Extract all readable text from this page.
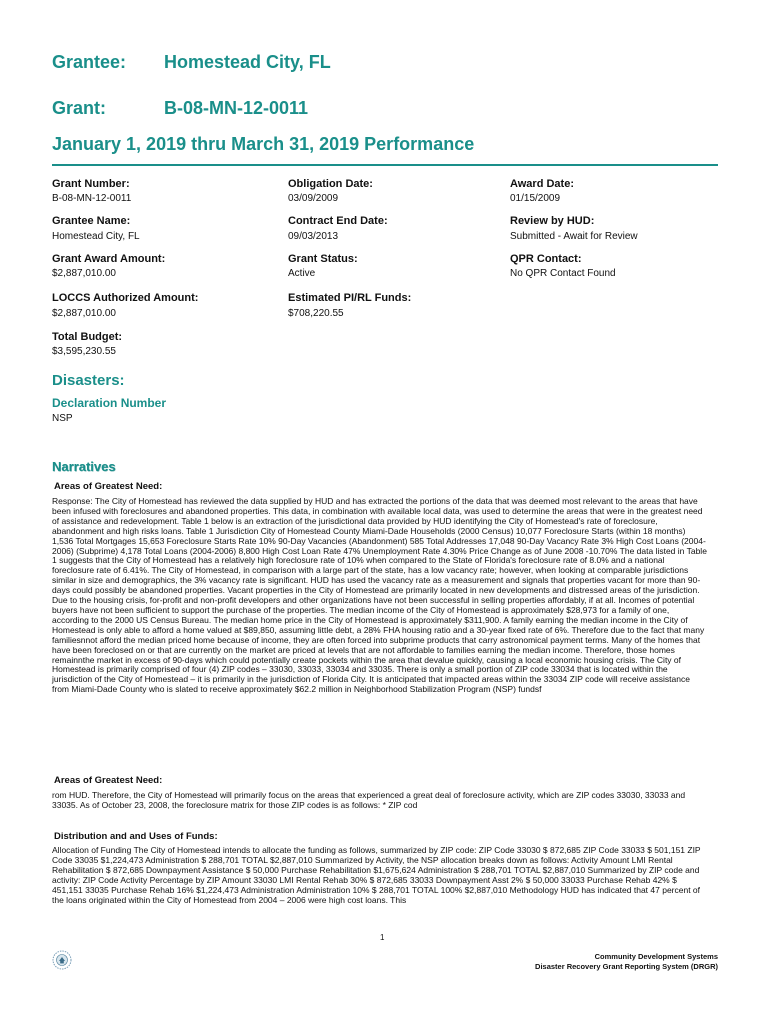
Grantee: Homestead City, FL
Grant:	B-08-MN-12-0011
January 1, 2019 thru March 31, 2019 Performance
Grant Number:
B-08-MN-12-0011
Obligation Date:
03/09/2009
Award Date:
01/15/2009
Grantee Name:
Homestead City, FL
Contract End Date:
09/03/2013
Review by HUD:
Submitted - Await for Review
Grant Award Amount:
$2,887,010.00
Grant Status:
Active
QPR Contact:
No QPR Contact Found
LOCCS Authorized Amount:
$2,887,010.00
Estimated PI/RL Funds:
$708,220.55
Total Budget:
$3,595,230.55
Disasters:
Declaration Number
NSP
Narratives
Areas of Greatest Need:

Response: The City of Homestead has reviewed the data supplied by HUD and has extracted the portions of the data that was deemed most relevant to the areas that have been infused with foreclosures and abandoned properties. This data, in combination with available local data, was used to determine the areas that were in the greatest need of assistance and redevelopment. Table 1 below is an extraction of the jurisdictional data provided by HUD identifying the City of Homestead's rate of foreclosure, abandonment and high risks loans. Table 1 Jurisdiction City of Homestead County Miami-Dade Households (2000 Census) 10,077 Foreclosure Starts (within 18 months) 1,536 Total Mortgages 15,653 Foreclosure Starts Rate 10% 90-Day Vacancies (Abandonment) 585 Total Addresses 17,048 90-Day Vacancy Rate 3% High Cost Loans (2004-2006) (Subprime) 4,178 Total Loans (2004-2006) 8,800 High Cost Loan Rate 47% Unemployment Rate 4.30% Price Change as of June 2008 -10.70% The data listed in Table 1 suggests that the City of Homestead has a relatively high foreclosure rate of 10% when compared to the State of Florida's foreclosure rate of 8.0% and a national foreclosure rate of 6.41%. The City of Homestead, in comparison with a large part of the state, has a low vacancy rate; however, when looking at comparable jurisdictions similar in size and demographics, the 3% vacancy rate is significant. HUD has used the vacancy rate as a measurement and signals that properties vacant for more than 90-days could possibly be abandoned properties. Vacant properties in the City of Homestead are primarily located in new developments and distressed areas of the jurisdiction. Due to the housing crisis, for-profit and non-profit developers and other organizations have not been successful in selling properties affordably, if at all. Incomes of potential buyers have not been sufficient to support the purchase of the properties. The median income of the City of Homestead is approximately $28,973 for a family of one, according to the 2000 US Census Bureau. The median home price in the City of Homestead is approximately $311,900. A family earning the median income in the City of Homestead is only able to afford a home valued at $89,850, assuming little debt, a 28% FHA housing ratio and a 30-year fixed rate of 6%. Therefore due to the fact that many familiesnnot afford the median priced home because of income, they are often forced into subprime products that carry astronomical payment terms. Many of the homes that have been foreclosed on or that are currently on the market are priced at levels that are not affordable to families earning the median income. Therefore, those homes remainnthe market in excess of 90-days which could potentially create pockets within the area that devalue quickly, causing a local economic housing crisis. The City of Homestead is primarily comprised of four (4) ZIP codes – 33030, 33033, 33034 and 33035. There is only a small portion of ZIP code 33034 that is located within the jurisdiction of the City of Homestead – it is primarily in the jurisdiction of Florida City. It is anticipated that impacted areas within the 33034 ZIP code will receive assistance from Miami-Dade County who is slated to receive approximately $62.2 million in Neighborhood Stabilization Program (NSP) fundsf

Areas of Greatest Need:

rom HUD. Therefore, the City of Homestead will primarily focus on the areas that experienced a great deal of foreclosure activity, which are ZIP codes 33030, 33033 and 33035. As of October 23, 2008, the foreclosure matrix for those ZIP codes is as follows: * ZIP cod

Distribution and and Uses of Funds:

Allocation of Funding The City of Homestead intends to allocate the funding as follows, summarized by ZIP code: ZIP Code 33030 $ 872,685 ZIP Code 33033 $ 501,151 ZIP Code 33035 $1,224,473 Administration $ 288,701 TOTAL $2,887,010 Summarized by Activity, the NSP allocation breaks down as follows: Activity Amount LMI Rental Rehabilitation $ 872,685 Downpayment Assistance $ 50,000 Purchase Rehabilitation $1,675,624 Administration $ 288,701 TOTAL $2,887,010 Summarized by ZIP code and activity: ZIP Code Activity Percentage by ZIP Amount 33030 LMI Rental Rehab 30% $ 872,685 33033 Downpayment Asst 2% $ 50,000 33033 Purchase Rehab 42% $ 451,151 33035 Purchase Rehab 16% $1,224,473 Administration Administration 10% $ 288,701 TOTAL 100% $2,887,010 Methodology HUD has indicated that 47 percent of the loans originated within the City of Homestead from 2004 – 2006 were high cost loans. This

1
Community Development Systems
Disaster Recovery Grant Reporting System (DRGR)
